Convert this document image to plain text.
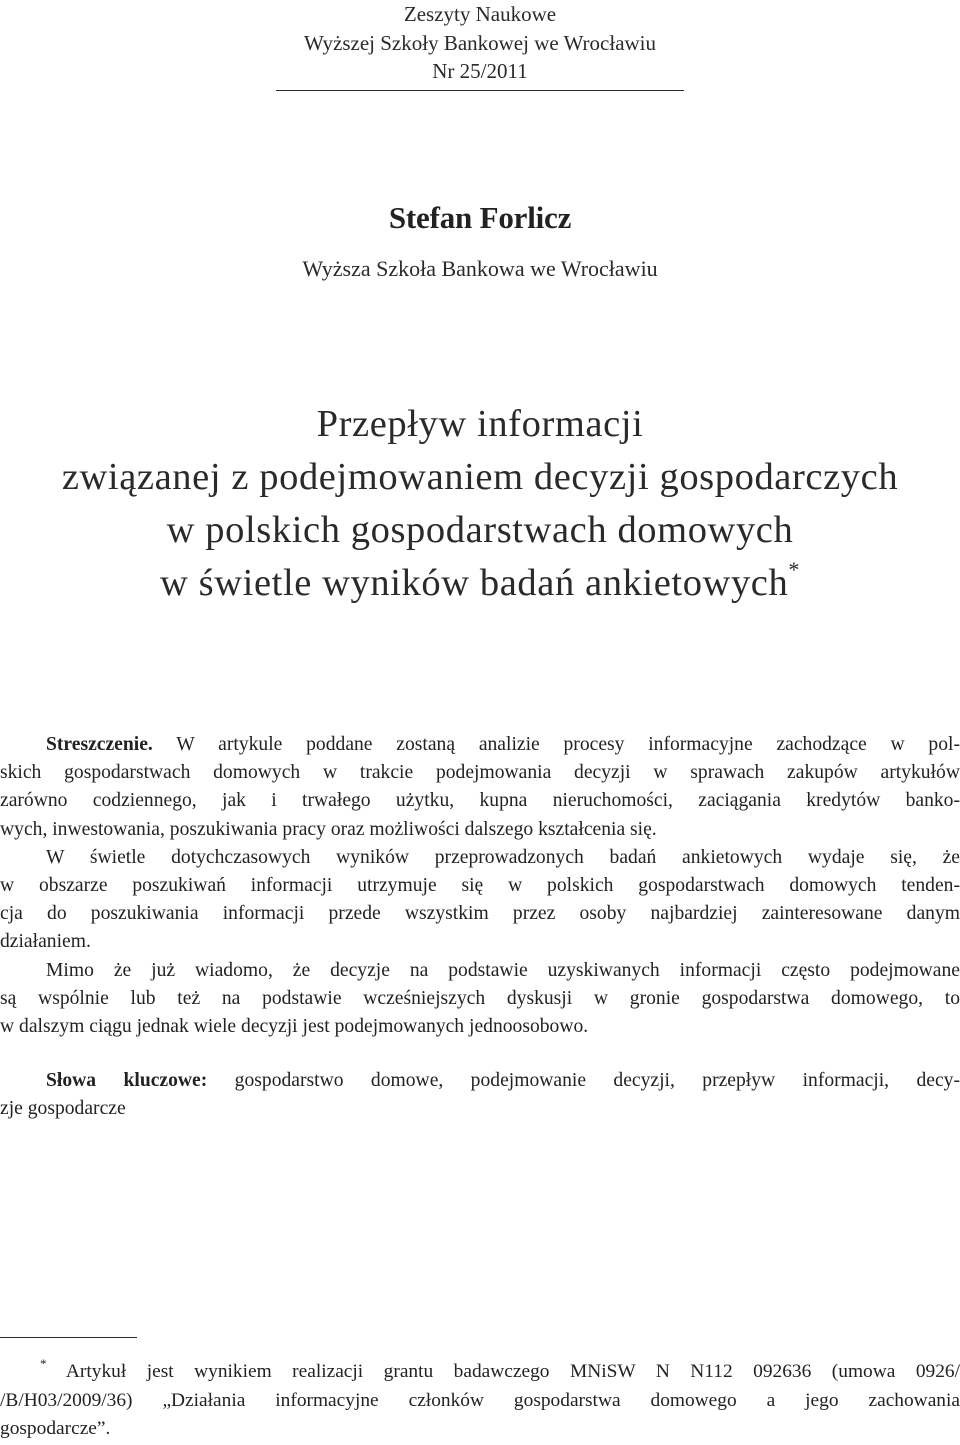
Zeszyty Naukowe
Wyższej Szkoły Bankowej we Wrocławiu
Nr 25/2011
Stefan Forlicz
Wyższa Szkoła Bankowa we Wrocławiu
Przepływ informacji
związanej z podejmowaniem decyzji gospodarczych
w polskich gospodarstwach domowych
w świetle wyników badań ankietowych*
Streszczenie. W artykule poddane zostaną analizie procesy informacyjne zachodzące w pol-
skich gospodarstwach domowych w trakcie podejmowania decyzji w sprawach zakupów artykułów
zarówno codziennego, jak i trwałego użytku, kupna nieruchomości, zaciągania kredytów banko-
wych, inwestowania, poszukiwania pracy oraz możliwości dalszego kształcenia się.
W świetle dotychczasowych wyników przeprowadzonych badań ankietowych wydaje się, że
w obszarze poszukiwań informacji utrzymuje się w polskich gospodarstwach domowych tenden-
cja do poszukiwania informacji przede wszystkim przez osoby najbardziej zainteresowane danym
działaniem.
Mimo że już wiadomo, że decyzje na podstawie uzyskiwanych informacji często podejmowane
są wspólnie lub też na podstawie wcześniejszych dyskusji w gronie gospodarstwa domowego, to
w dalszym ciągu jednak wiele decyzji jest podejmowanych jednoosobowo.
Słowa kluczowe: gospodarstwo domowe, podejmowanie decyzji, przepływ informacji, decy-
zje gospodarcze
* Artykuł jest wynikiem realizacji grantu badawczego MNiSW N N112 092636 (umowa 0926/
/B/H03/2009/36) „Działania informacyjne członków gospodarstwa domowego a jego zachowania
gospodarcze”.
